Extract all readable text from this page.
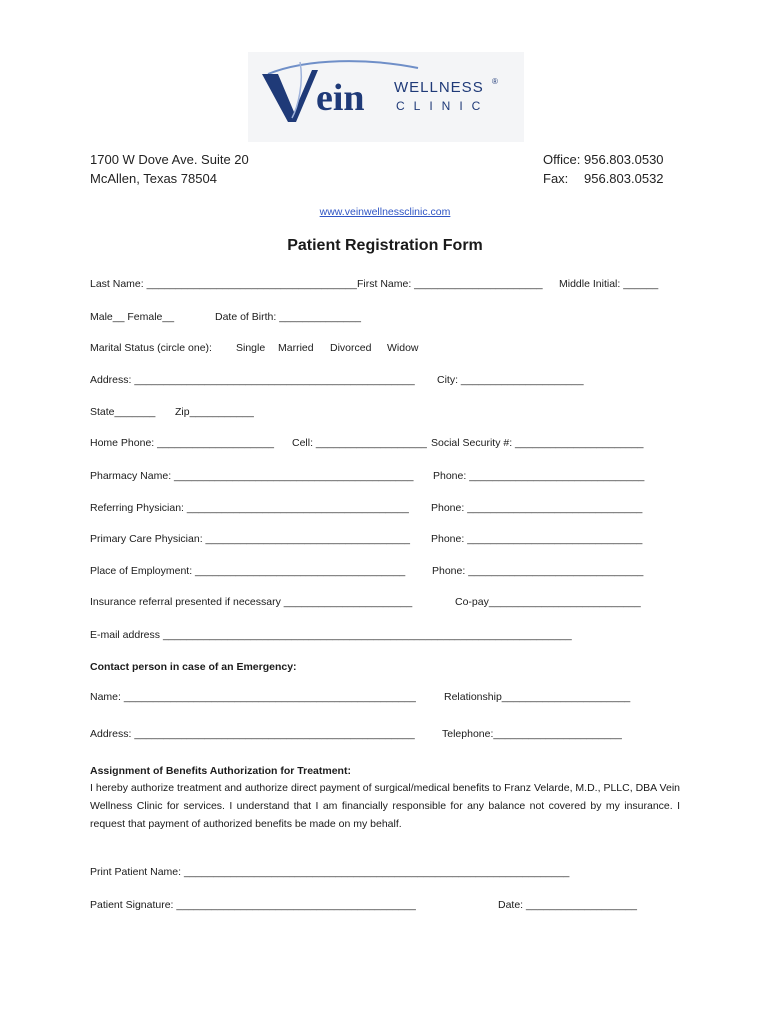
ein WELLNESS ®
CLINIC
1700 W Dove Ave. Suite 20
McAllen, Texas 78504
Office: 956.803.0530
Fax: 956.803.0532
www.veinwellnessclinic.com
Patient Registration Form
Last Name: ____________________________________ First Name: ______________________ Middle Initial: ______
Male__ Female__	Date of Birth: ______________
Marital Status (circle one): Single Married Divorced Widow
Address: ________________________________________________ City: _____________________
State_______ Zip___________
Home Phone: ____________________ Cell: ___________________ Social Security #: ______________________
Pharmacy Name: _________________________________________ Phone: ______________________________
Referring Physician: ______________________________________ Phone: ______________________________
Primary Care Physician: ___________________________________ Phone: ______________________________
Place of Employment: ____________________________________	Phone: ______________________________
Insurance referral presented if necessary ______________________	Co-pay__________________________
E-mail address ______________________________________________________________________
Contact person in case of an Emergency:
Name: __________________________________________________	Relationship______________________
Address: ________________________________________________	Telephone:______________________
Assignment of Benefits Authorization for Treatment:
I hereby authorize treatment and authorize direct payment of surgical/medical benefits to Franz Velarde, M.D., PLLC, DBA Vein Wellness Clinic for services. I understand that I am financially responsible for any balance not covered by my insurance. I request that payment of authorized benefits be made on my behalf.
Print Patient Name: __________________________________________________________________
Patient Signature: _________________________________________	Date: ___________________
